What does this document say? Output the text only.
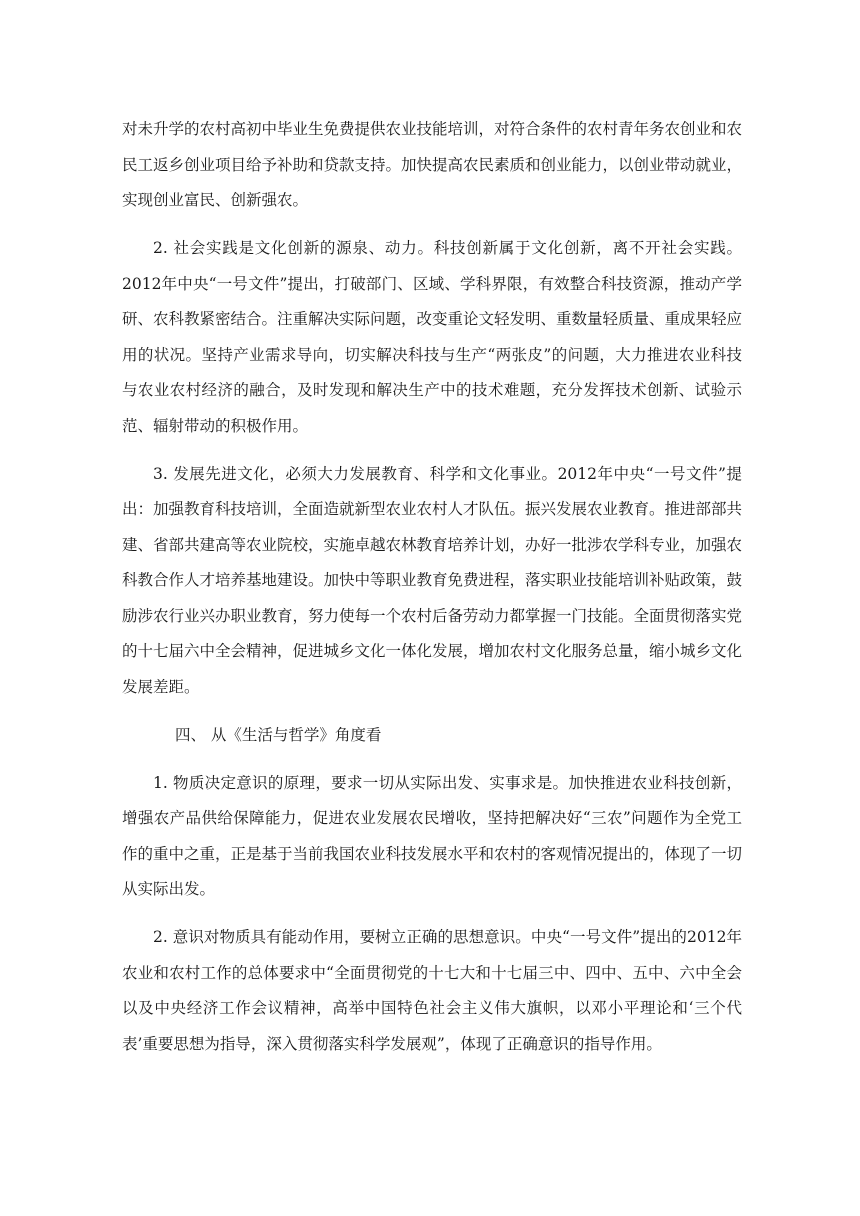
对未升学的农村高初中毕业生免费提供农业技能培训，对符合条件的农村青年务农创业和农民工返乡创业项目给予补助和贷款支持。加快提高农民素质和创业能力，以创业带动就业，实现创业富民、创新强农。

2. 社会实践是文化创新的源泉、动力。科技创新属于文化创新，离不开社会实践。2012年中央“一号文件”提出，打破部门、区域、学科界限，有效整合科技资源，推动产学研、农科教紧密结合。注重解决实际问题，改变重论文轻发明、重数量轻质量、重成果轻应用的状况。坚持产业需求导向，切实解决科技与生产“两张皮”的问题，大力推进农业科技与农业农村经济的融合，及时发现和解决生产中的技术难题，充分发挥技术创新、试验示范、辐射带动的积极作用。

3. 发展先进文化，必须大力发展教育、科学和文化事业。2012年中央“一号文件”提出：加强教育科技培训，全面造就新型农业农村人才队伍。振兴发展农业教育。推进部部共建、省部共建高等农业院校，实施卓越农林教育培养计划，办好一批涉农学科专业，加强农科教合作人才培养基地建设。加快中等职业教育免费进程，落实职业技能培训补贴政策，鼓励涉农行业兴办职业教育，努力使每一个农村后备劳动力都掌握一门技能。全面贯彻落实党的十七届六中全会精神，促进城乡文化一体化发展，增加农村文化服务总量，缩小城乡文化发展差距。

四、 从《生活与哲学》角度看

1. 物质决定意识的原理，要求一切从实际出发、实事求是。加快推进农业科技创新，增强农产品供给保障能力，促进农业发展农民增收，坚持把解决好“三农”问题作为全党工作的重中之重，正是基于当前我国农业科技发展水平和农村的客观情况提出的，体现了一切从实际出发。

2. 意识对物质具有能动作用，要树立正确的思想意识。中央“一号文件”提出的2012年农业和农村工作的总体要求中“全面贯彻党的十七大和十七届三中、四中、五中、六中全会以及中央经济工作会议精神，高举中国特色社会主义伟大旗帜，以邓小平理论和‘三个代表’重要思想为指导，深入贯彻落实科学发展观”，体现了正确意识的指导作用。
